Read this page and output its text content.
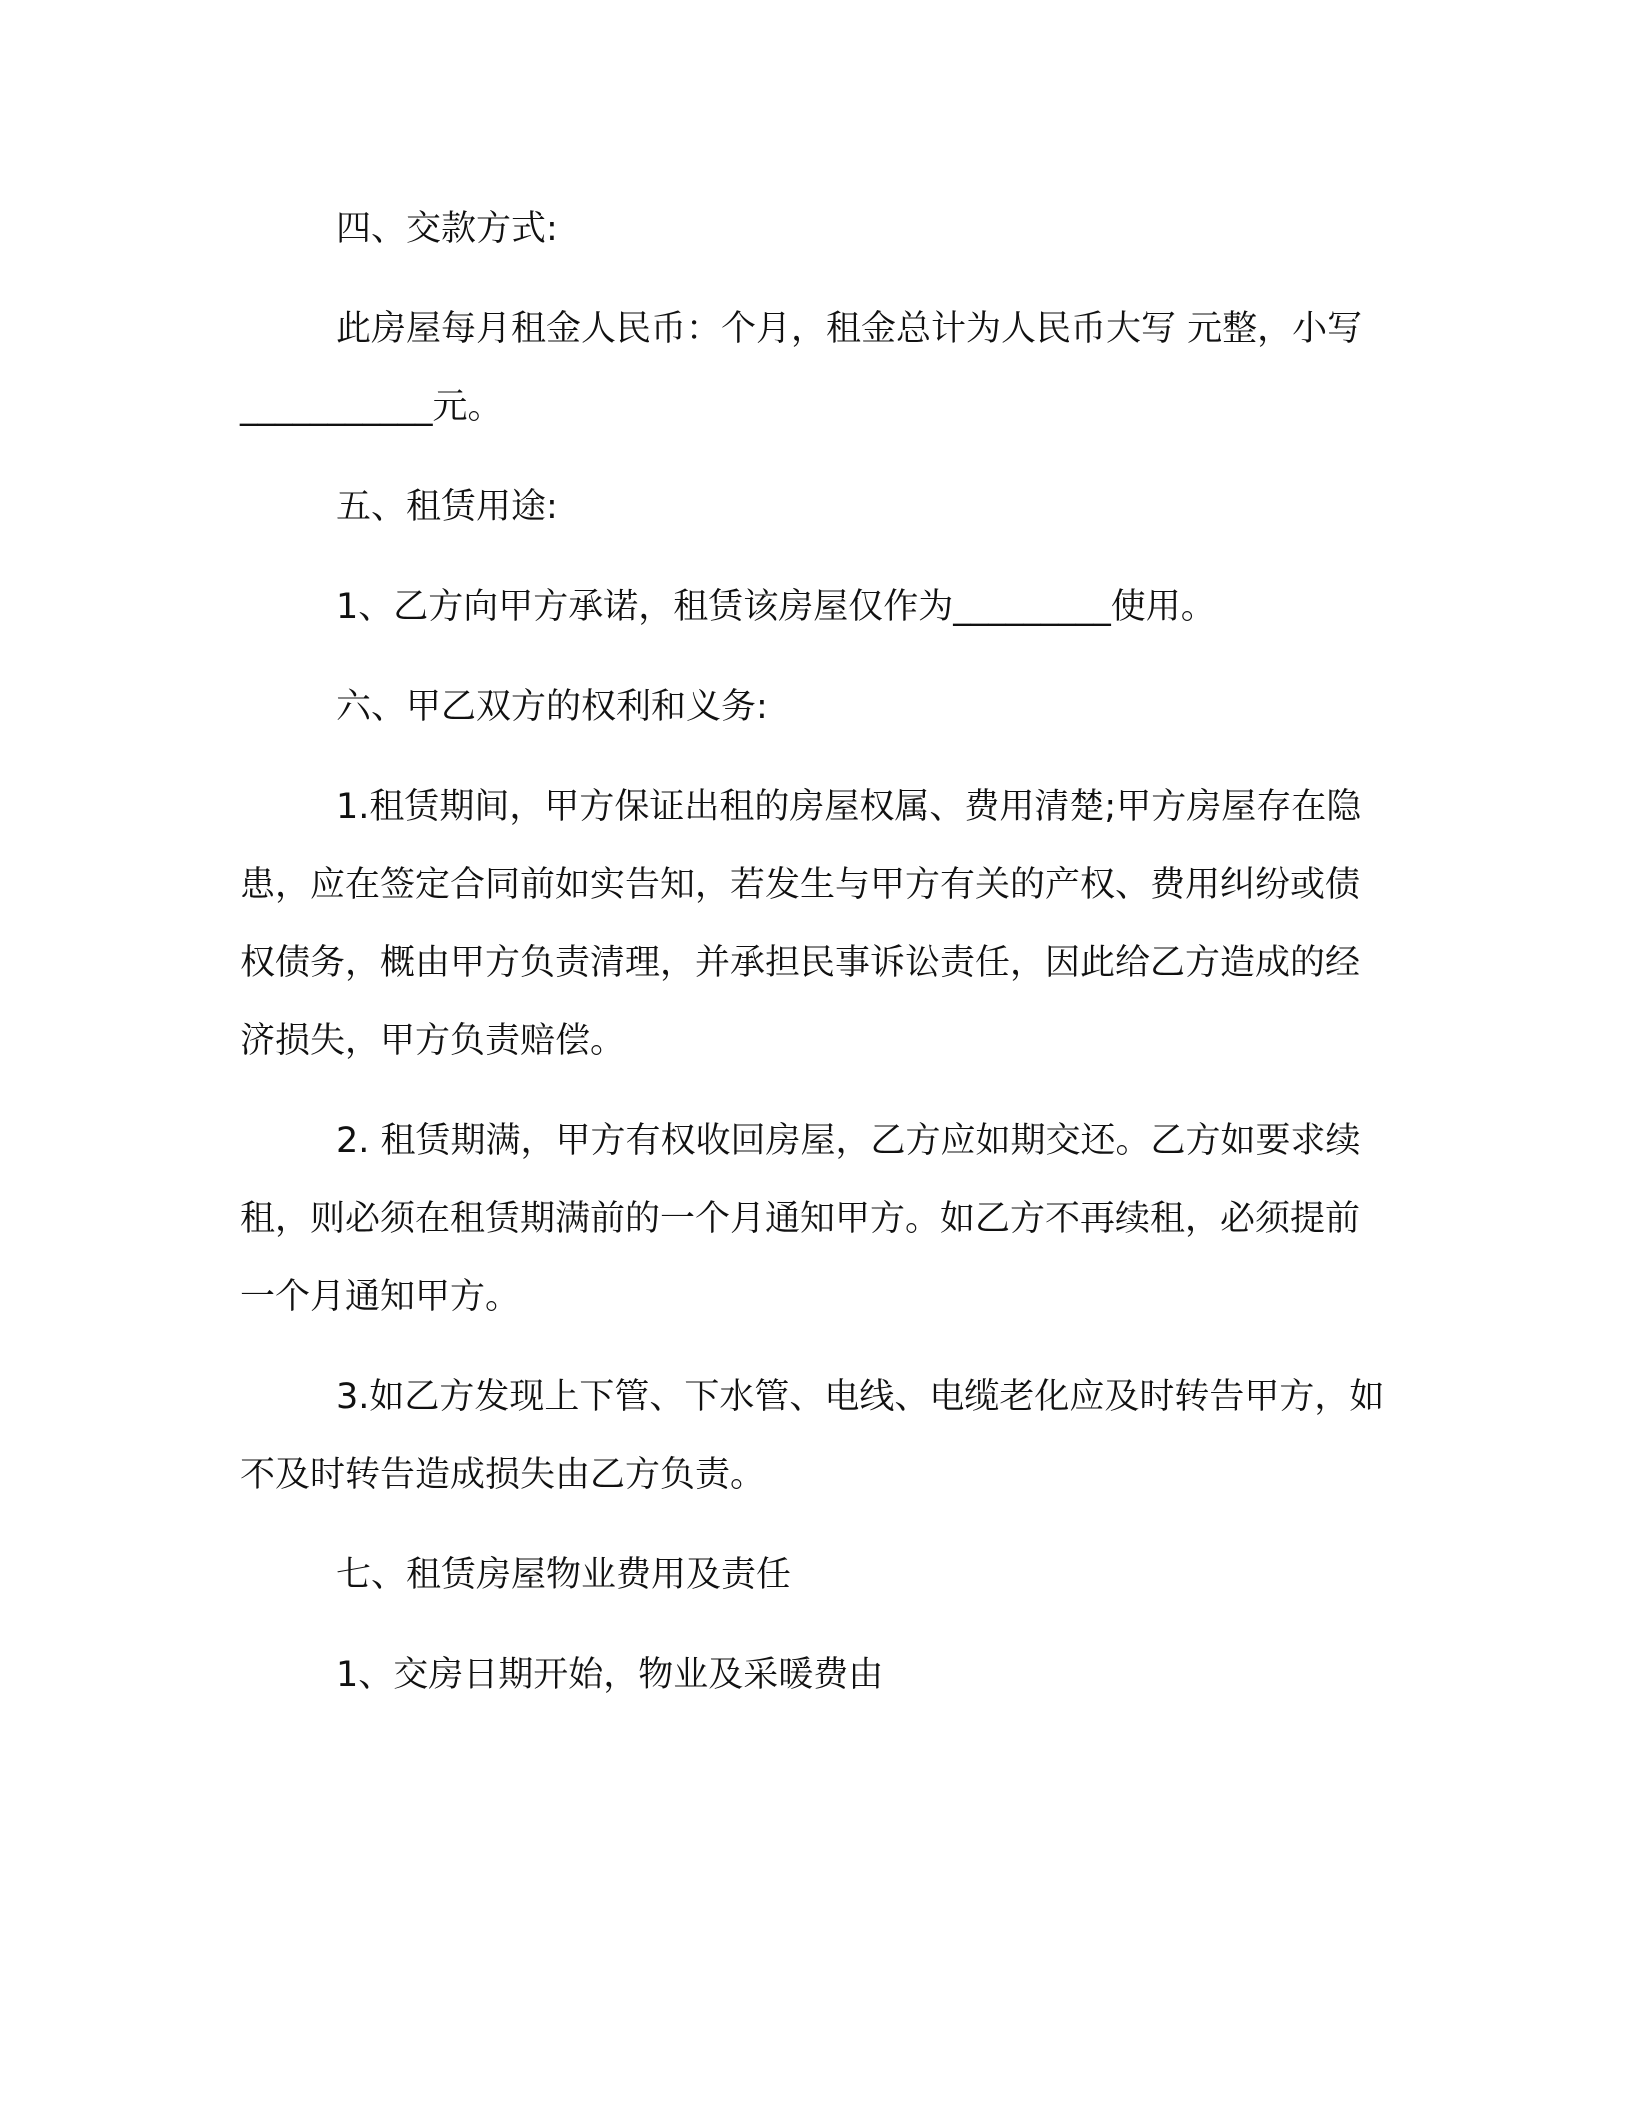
四、交款方式:

此房屋每月租金人民币：个月，租金总计为人民币大写 元整，小写___________元。

五、租赁用途:

1、乙方向甲方承诺，租赁该房屋仅作为_________使用。

六、甲乙双方的权利和义务:

1.租赁期间，甲方保证出租的房屋权属、费用清楚;甲方房屋存在隐患，应在签定合同前如实告知，若发生与甲方有关的产权、费用纠纷或债权债务，概由甲方负责清理，并承担民事诉讼责任，因此给乙方造成的经济损失，甲方负责赔偿。

2. 租赁期满，甲方有权收回房屋，乙方应如期交还。乙方如要求续租，则必须在租赁期满前的一个月通知甲方。如乙方不再续租，必须提前一个月通知甲方。

3.如乙方发现上下管、下水管、电线、电缆老化应及时转告甲方，如不及时转告造成损失由乙方负责。

七、租赁房屋物业费用及责任

1、交房日期开始，物业及采暖费由
